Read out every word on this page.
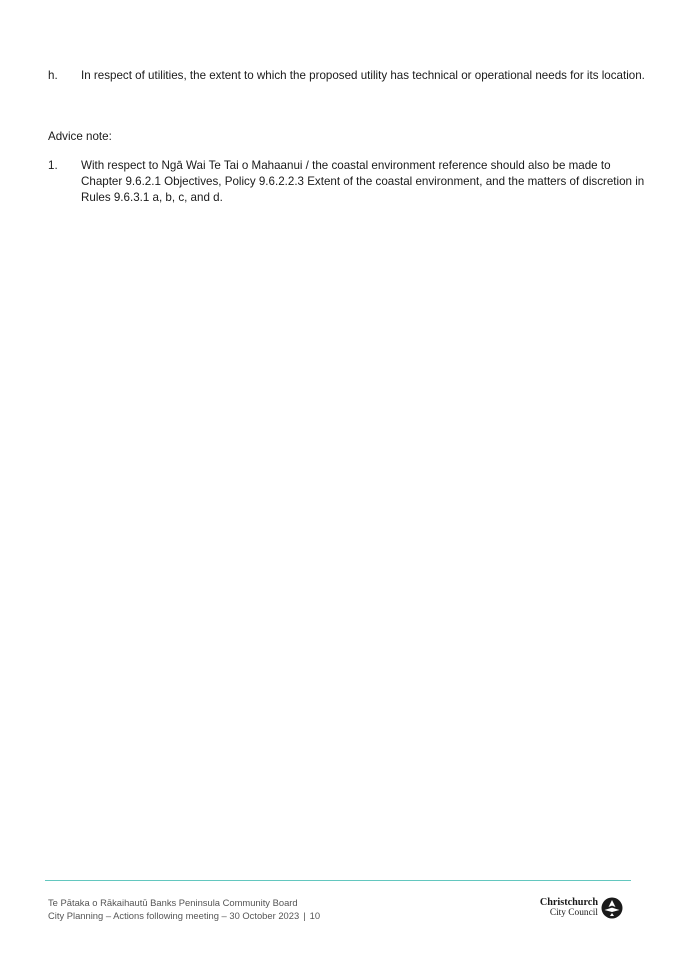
h. In respect of utilities, the extent to which the proposed utility has technical or operational needs for its location.
Advice note:
1. With respect to Ngā Wai Te Tai o Mahaanui / the coastal environment reference should also be made to Chapter 9.6.2.1 Objectives, Policy 9.6.2.2.3 Extent of the coastal environment, and the matters of discretion in Rules 9.6.3.1 a, b, c, and d.
Te Pātaka o Rākaihautū Banks Peninsula Community Board
City Planning – Actions following meeting – 30 October 2023 | 10
Christchurch
City Council
